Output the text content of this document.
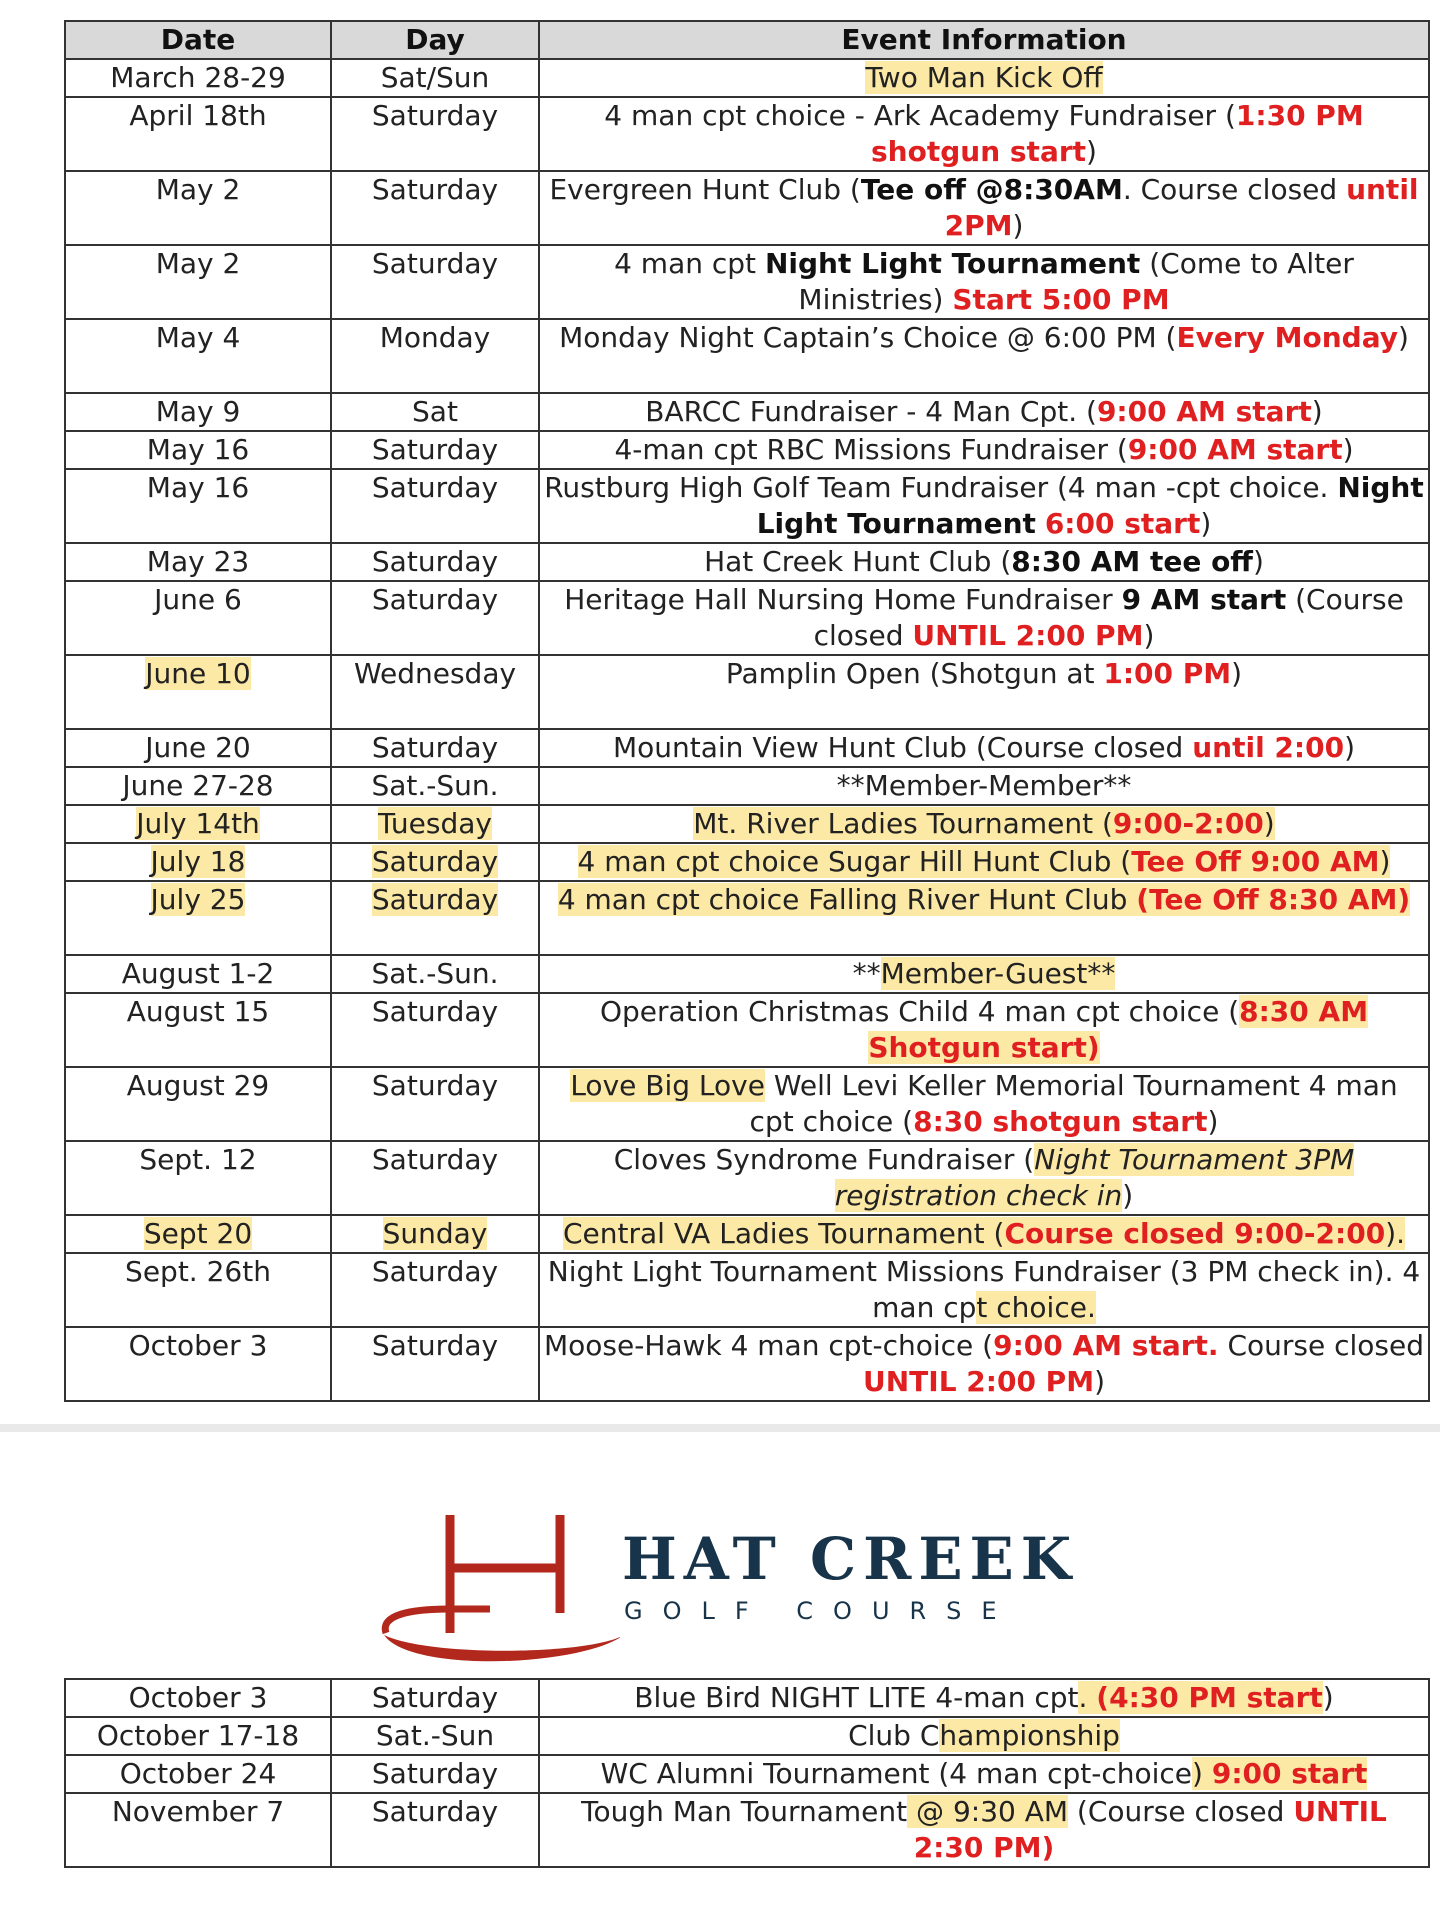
Date	Day	Event Information
March 28-29	Sat/Sun	Two Man Kick Off
April 18th	Saturday	4 man cpt choice - Ark Academy Fundraiser (1:30 PM shotgun start)
May 2	Saturday	Evergreen Hunt Club (Tee off @8:30AM. Course closed until 2PM)
May 2	Saturday	4 man cpt Night Light Tournament (Come to Alter Ministries) Start 5:00 PM
May 4	Monday	Monday Night Captain’s Choice @ 6:00 PM (Every Monday)
May 9	Sat	BARCC Fundraiser - 4 Man Cpt. (9:00 AM start)
May 16	Saturday	4-man cpt RBC Missions Fundraiser (9:00 AM start)
May 16	Saturday	Rustburg High Golf Team Fundraiser (4 man -cpt choice. Night Light Tournament 6:00 start)
May 23	Saturday	Hat Creek Hunt Club (8:30 AM tee off)
June 6	Saturday	Heritage Hall Nursing Home Fundraiser 9 AM start (Course closed UNTIL 2:00 PM)
June 10	Wednesday	Pamplin Open (Shotgun at 1:00 PM)
June 20	Saturday	Mountain View Hunt Club (Course closed until 2:00)
June 27-28	Sat.-Sun.	**Member-Member**
July 14th	Tuesday	Mt. River Ladies Tournament (9:00-2:00)
July 18	Saturday	4 man cpt choice Sugar Hill Hunt Club (Tee Off 9:00 AM)
July 25	Saturday	4 man cpt choice Falling River Hunt Club (Tee Off 8:30 AM)
August 1-2	Sat.-Sun.	**Member-Guest**
August 15	Saturday	Operation Christmas Child 4 man cpt choice (8:30 AM Shotgun start)
August 29	Saturday	Love Big Love Well Levi Keller Memorial Tournament 4 man cpt choice (8:30 shotgun start)
Sept. 12	Saturday	Cloves Syndrome Fundraiser (Night Tournament 3PM registration check in)
Sept 20	Sunday	Central VA Ladies Tournament (Course closed 9:00-2:00).
Sept. 26th	Saturday	Night Light Tournament Missions Fundraiser (3 PM check in). 4 man cpt choice.
October 3	Saturday	Moose-Hawk 4 man cpt-choice (9:00 AM start. Course closed UNTIL 2:00 PM)
HAT CREEK
GOLF COURSE
October 3	Saturday	Blue Bird NIGHT LITE 4-man cpt. (4:30 PM start)
October 17-18	Sat.-Sun	Club Championship
October 24	Saturday	WC Alumni Tournament (4 man cpt-choice) 9:00 start
November 7	Saturday	Tough Man Tournament @ 9:30 AM (Course closed UNTIL 2:30 PM)
